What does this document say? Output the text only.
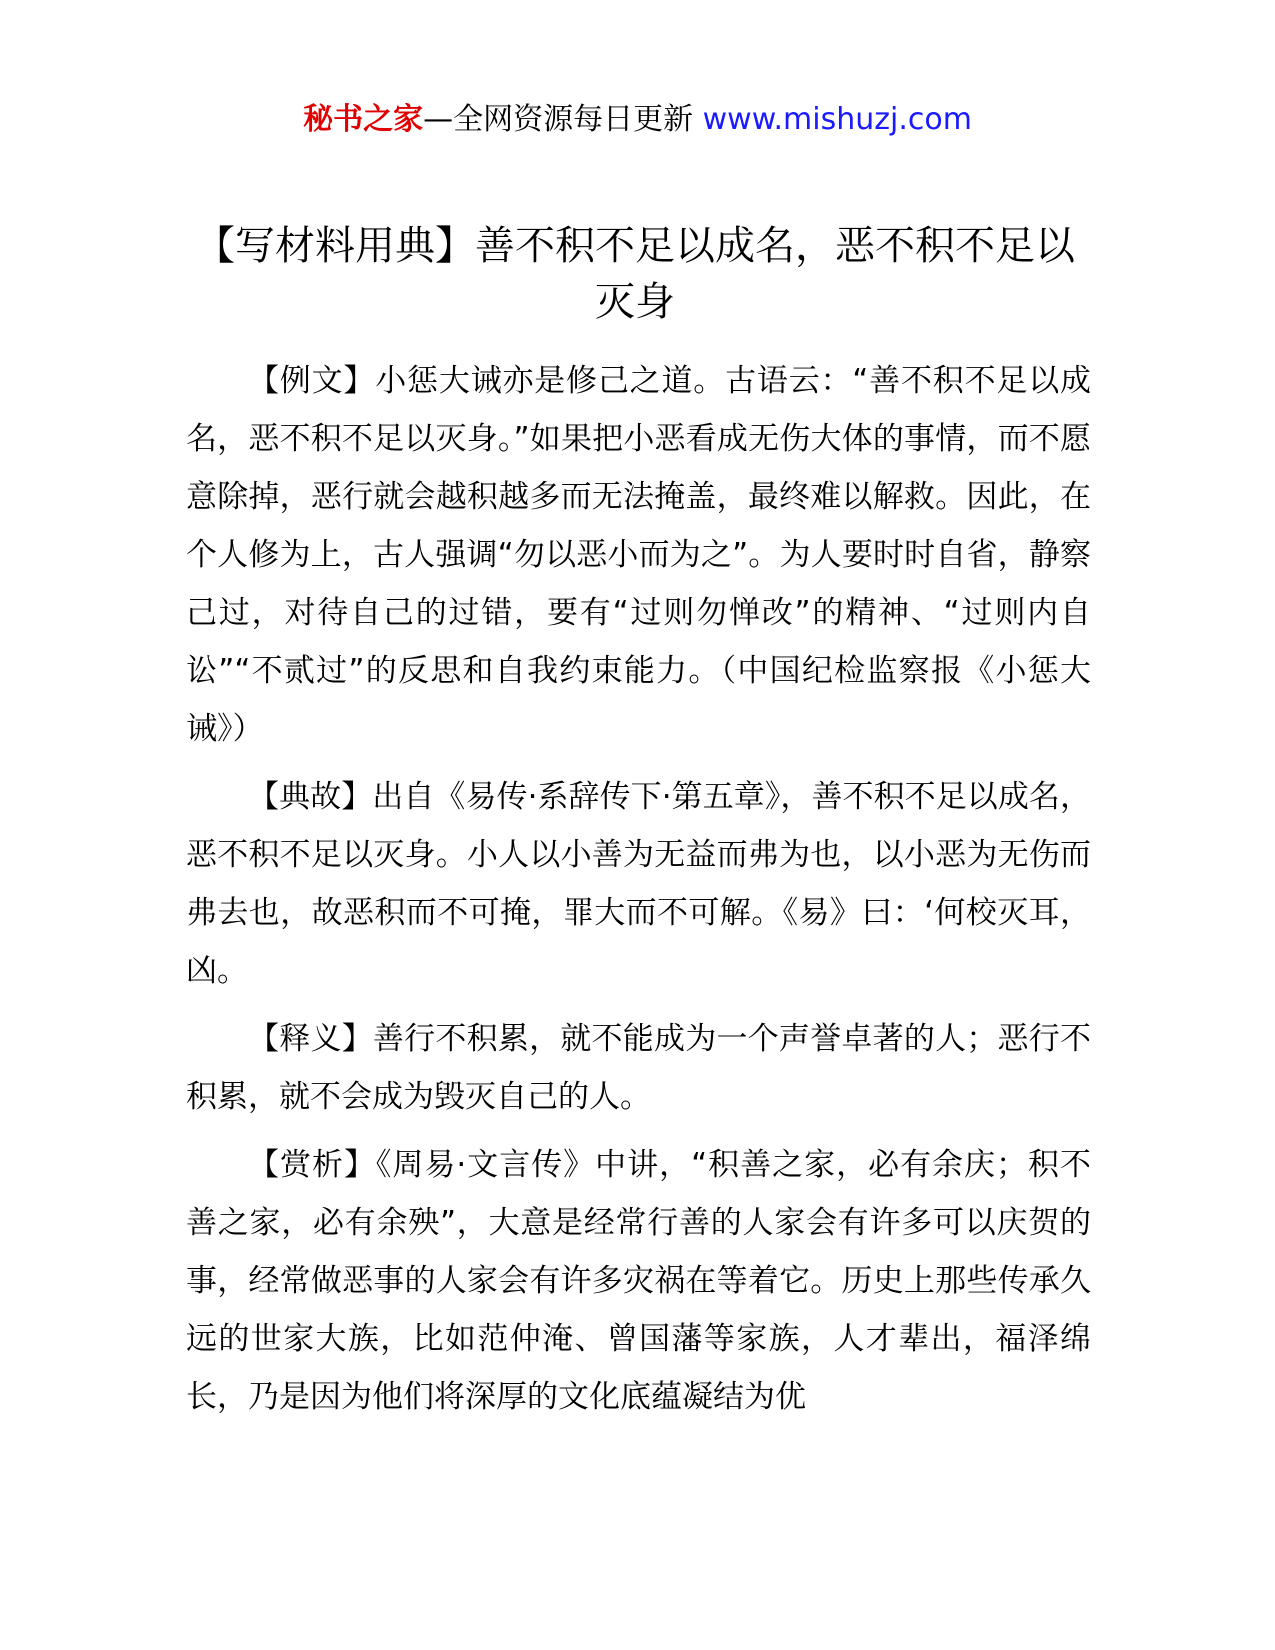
秘书之家—全网资源每日更新 www.mishuzj.com
【写材料用典】善不积不足以成名，恶不积不足以灭身

【例文】小惩大诫亦是修己之道。古语云：“善不积不足以成名，恶不积不足以灭身。”如果把小恶看成无伤大体的事情，而不愿意除掉，恶行就会越积越多而无法掩盖，最终难以解救。因此，在个人修为上，古人强调“勿以恶小而为之”。为人要时时自省，静察己过，对待自己的过错，要有“过则勿惮改”的精神、“过则内自讼”“不贰过”的反思和自我约束能力。（中国纪检监察报《小惩大诫》）

【典故】出自《易传·系辞传下·第五章》，善不积不足以成名，恶不积不足以灭身。小人以小善为无益而弗为也，以小恶为无伤而弗去也，故恶积而不可掩，罪大而不可解。《易》曰：‘何校灭耳，凶。

【释义】善行不积累，就不能成为一个声誉卓著的人；恶行不积累，就不会成为毁灭自己的人。

【赏析】《周易·文言传》中讲，“积善之家，必有余庆；积不善之家，必有余殃”，大意是经常行善的人家会有许多可以庆贺的事，经常做恶事的人家会有许多灾祸在等着它。历史上那些传承久远的世家大族，比如范仲淹、曾国藩等家族，人才辈出，福泽绵长，乃是因为他们将深厚的文化底蕴凝结为优
